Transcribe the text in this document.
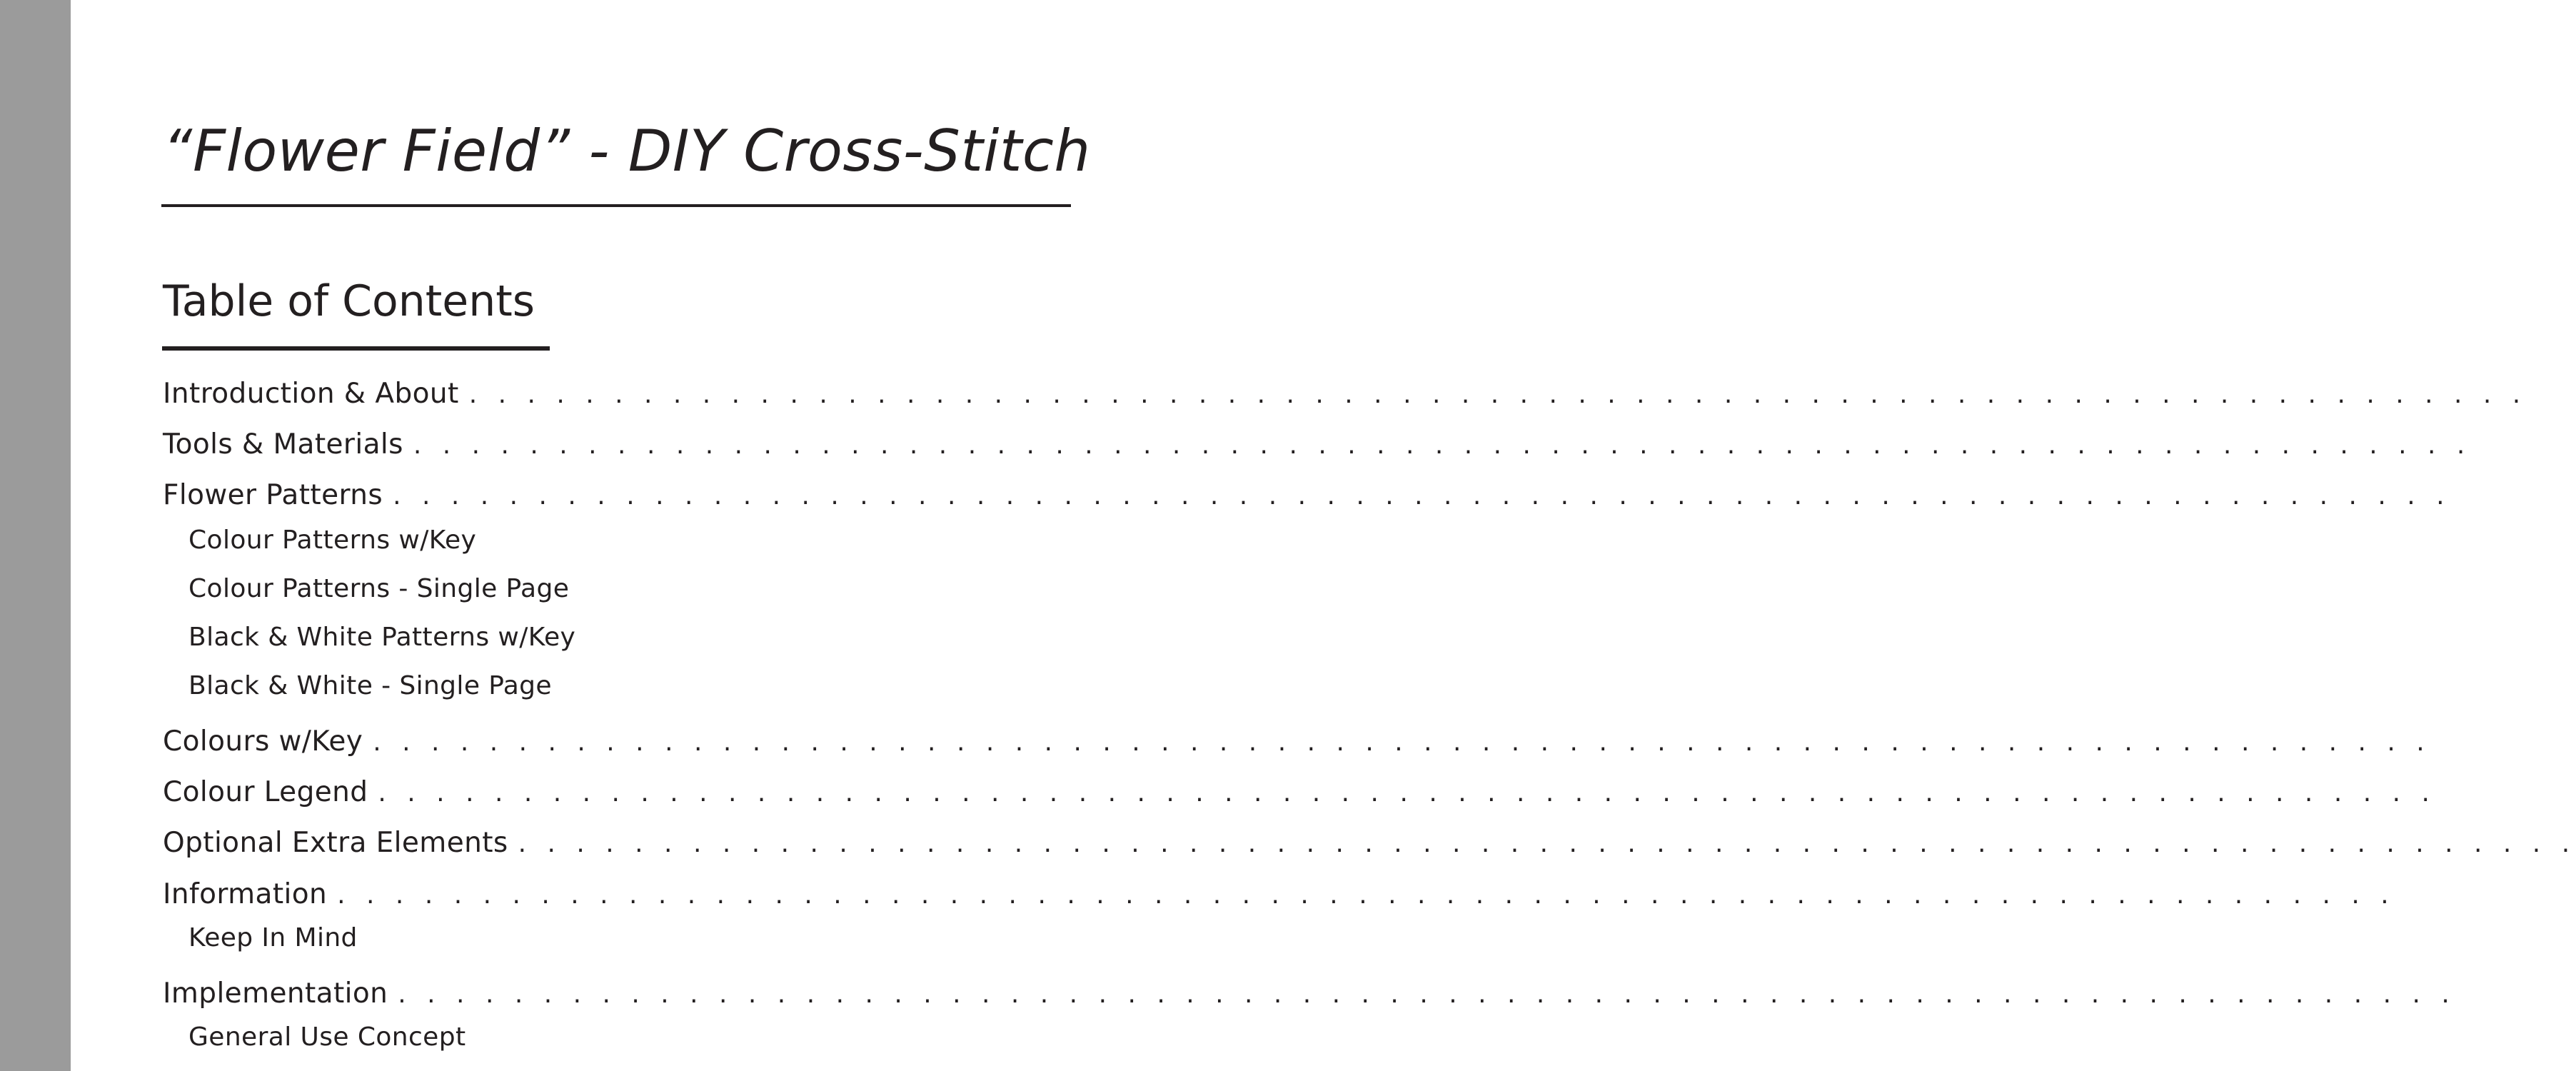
“Flower Field” - DIY Cross-Stitch
Table of Contents
Introduction & About . . . . . . . . . . . . . . . . . . . . . . . . . . . . . . . . . . . . . . . . . . . . . . . . . . . . . . . . . . . . . . . . . . . . . . .
Tools & Materials . . . . . . . . . . . . . . . . . . . . . . . . . . . . . . . . . . . . . . . . . . . . . . . . . . . . . . . . . . . . . . . . . . . . . . .
Flower Patterns . . . . . . . . . . . . . . . . . . . . . . . . . . . . . . . . . . . . . . . . . . . . . . . . . . . . . . . . . . . . . . . . . . . . . . .
Colour Patterns w/Key
Colour Patterns - Single Page
Black & White Patterns w/Key
Black & White - Single Page
Colours w/Key . . . . . . . . . . . . . . . . . . . . . . . . . . . . . . . . . . . . . . . . . . . . . . . . . . . . . . . . . . . . . . . . . . . . . . .
Colour Legend . . . . . . . . . . . . . . . . . . . . . . . . . . . . . . . . . . . . . . . . . . . . . . . . . . . . . . . . . . . . . . . . . . . . . . .
Optional Extra Elements . . . . . . . . . . . . . . . . . . . . . . . . . . . . . . . . . . . . . . . . . . . . . . . . . . . . . . . . . . . . . . . . . . . . . . .
Information . . . . . . . . . . . . . . . . . . . . . . . . . . . . . . . . . . . . . . . . . . . . . . . . . . . . . . . . . . . . . . . . . . . . . . .
Keep In Mind
Implementation . . . . . . . . . . . . . . . . . . . . . . . . . . . . . . . . . . . . . . . . . . . . . . . . . . . . . . . . . . . . . . . . . . . . . . .
General Use Concept
